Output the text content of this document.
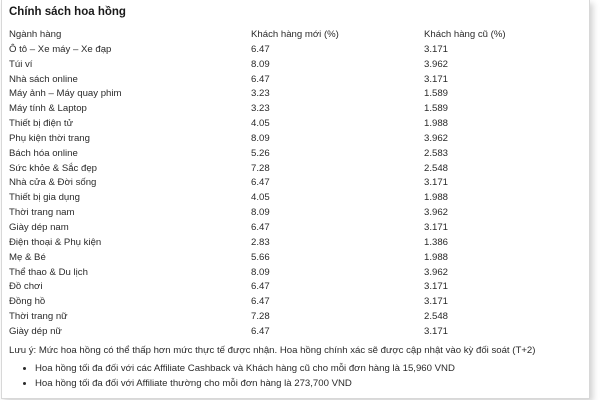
Chính sách hoa hồng
Ngành hàng	Khách hàng mới (%)	Khách hàng cũ (%)
Ô tô – Xe máy – Xe đạp	6.47	3.171
Túi ví	8.09	3.962
Nhà sách online	6.47	3.171
Máy ảnh – Máy quay phim	3.23	1.589
Máy tính & Laptop	3.23	1.589
Thiết bị điện tử	4.05	1.988
Phụ kiện thời trang	8.09	3.962
Bách hóa online	5.26	2.583
Sức khỏe & Sắc đẹp	7.28	2.548
Nhà cửa & Đời sống	6.47	3.171
Thiết bị gia dụng	4.05	1.988
Thời trang nam	8.09	3.962
Giày dép nam	6.47	3.171
Điện thoại & Phụ kiện	2.83	1.386
Mẹ & Bé	5.66	1.988
Thể thao & Du lịch	8.09	3.962
Đồ chơi	6.47	3.171
Đồng hồ	6.47	3.171
Thời trang nữ	7.28	2.548
Giày dép nữ	6.47	3.171
Lưu ý: Mức hoa hồng có thể thấp hơn mức thực tế được nhận. Hoa hồng chính xác sẽ được cập nhật vào kỳ đối soát (T+2)
• Hoa hồng tối đa đối với các Affiliate Cashback và Khách hàng cũ cho mỗi đơn hàng là 15,960 VND
• Hoa hồng tối đa đối với Affiliate thường cho mỗi đơn hàng là 273,700 VND
